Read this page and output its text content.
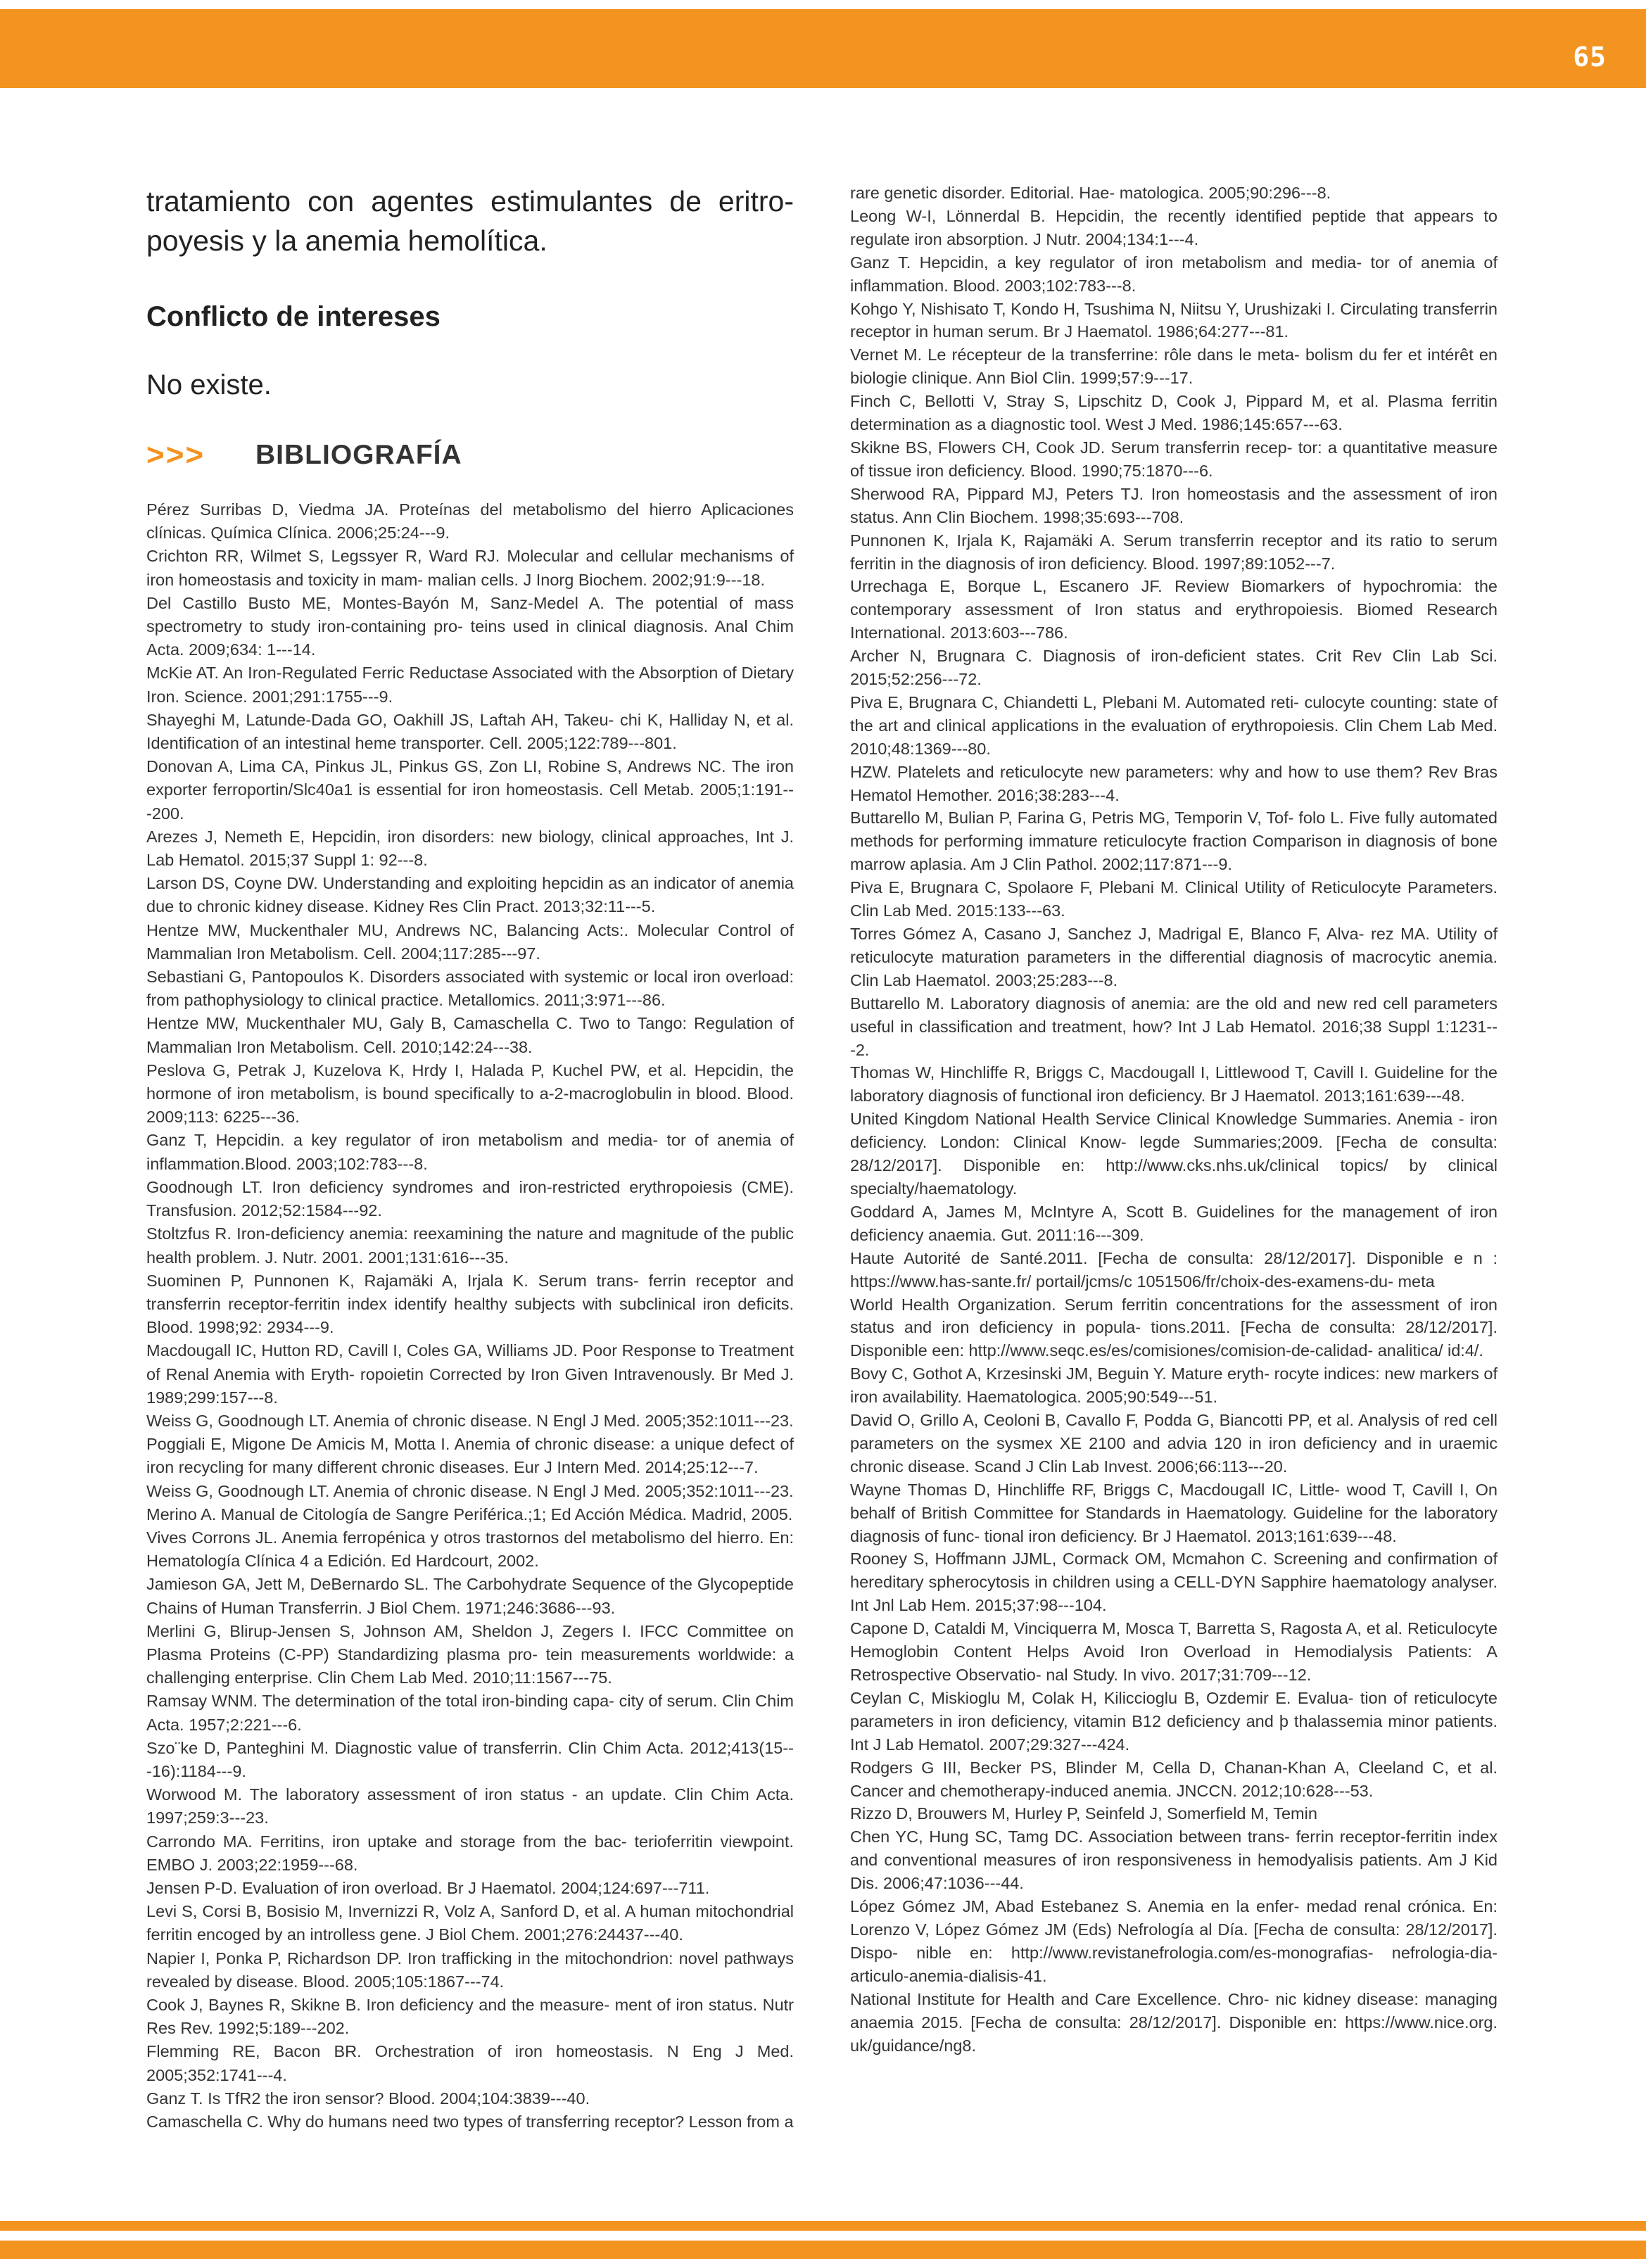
65

tratamiento con agentes estimulantes de eritro- poyesis y la anemia hemolítica.

Conflicto de intereses
No existe.
>>>	BIBLIOGRAFÍA
Pérez Surribas D, Viedma JA. Proteínas del metabolismo del hierro Aplicaciones clínicas. Química Clínica. 2006;25:24---9.
Crichton RR, Wilmet S, Legssyer R, Ward RJ. Molecular and cellular mechanisms of iron homeostasis and toxicity in mam- malian cells. J Inorg Biochem. 2002;91:9---18.
Del Castillo Busto ME, Montes-Bayón M, Sanz-Medel A. The potential of mass spectrometry to study iron-containing pro- teins used in clinical diagnosis. Anal Chim Acta. 2009;634: 1---14.
McKie AT. An Iron-Regulated Ferric Reductase Associated with the Absorption of Dietary Iron. Science. 2001;291:1755---9.
Shayeghi M, Latunde-Dada GO, Oakhill JS, Laftah AH, Takeu- chi K, Halliday N, et al. Identification of an intestinal heme transporter. Cell. 2005;122:789---801.
Donovan A, Lima CA, Pinkus JL, Pinkus GS, Zon LI, Robine S, Andrews NC. The iron exporter ferroportin/Slc40a1 is essential for iron homeostasis. Cell Metab. 2005;1:191---200.
Arezes J, Nemeth E, Hepcidin, iron disorders: new biology, clinical approaches, Int J. Lab Hematol. 2015;37 Suppl 1: 92---8.
Larson DS, Coyne DW. Understanding and exploiting hepcidin as an indicator of anemia due to chronic kidney disease. Kidney Res Clin Pract. 2013;32:11---5.
Hentze MW, Muckenthaler MU, Andrews NC, Balancing Acts:. Molecular Control of Mammalian Iron Metabolism. Cell. 2004;117:285---97.
Sebastiani G, Pantopoulos K. Disorders associated with systemic or local iron overload: from pathophysiology to clinical practice. Metallomics. 2011;3:971---86.
Hentze MW, Muckenthaler MU, Galy B, Camaschella C. Two to Tango: Regulation of Mammalian Iron Metabolism. Cell. 2010;142:24---38.
Peslova G, Petrak J, Kuzelova K, Hrdy I, Halada P, Kuchel PW, et al. Hepcidin, the hormone of iron metabolism, is bound specifically to a-2-macroglobulin in blood. Blood. 2009;113: 6225---36.
Ganz T, Hepcidin. a key regulator of iron metabolism and media- tor of anemia of inflammation.Blood. 2003;102:783---8.
Goodnough LT. Iron deficiency syndromes and iron-restricted erythropoiesis (CME). Transfusion. 2012;52:1584---92.
Stoltzfus R. Iron-deficiency anemia: reexamining the nature and magnitude of the public health problem. J. Nutr. 2001. 2001;131:616---35.
Suominen P, Punnonen K, Rajamäki A, Irjala K. Serum trans- ferrin receptor and transferrin receptor-ferritin index identify healthy subjects with subclinical iron deficits. Blood. 1998;92: 2934---9.
Macdougall IC, Hutton RD, Cavill I, Coles GA, Williams JD. Poor Response to Treatment of Renal Anemia with Eryth- ropoietin Corrected by Iron Given Intravenously. Br Med J. 1989;299:157---8.
Weiss G, Goodnough LT. Anemia of chronic disease. N Engl J Med. 2005;352:1011---23.
Poggiali E, Migone De Amicis M, Motta I. Anemia of chronic disease: a unique defect of iron recycling for many different chronic diseases. Eur J Intern Med. 2014;25:12---7.
Weiss G, Goodnough LT. Anemia of chronic disease. N Engl J Med. 2005;352:1011---23.
Merino A. Manual de Citología de Sangre Periférica.;1; Ed Acción Médica. Madrid, 2005.
Vives Corrons JL. Anemia ferropénica y otros trastornos del metabolismo del hierro. En: Hematología Clínica 4 a Edición. Ed Hardcourt, 2002.
Jamieson GA, Jett M, DeBernardo SL. The Carbohydrate Sequence of the Glycopeptide Chains of Human Transferrin. J Biol Chem. 1971;246:3686---93.
Merlini G, Blirup-Jensen S, Johnson AM, Sheldon J, Zegers I. IFCC Committee on Plasma Proteins (C-PP) Standardizing plasma pro- tein measurements worldwide: a challenging enterprise. Clin Chem Lab Med. 2010;11:1567---75.
Ramsay WNM. The determination of the total iron-binding capa- city of serum. Clin Chim Acta. 1957;2:221---6.
Szo¨ke D, Panteghini M. Diagnostic value of transferrin. Clin Chim Acta. 2012;413(15---16):1184---9.
Worwood M. The laboratory assessment of iron status - an update. Clin Chim Acta. 1997;259:3---23.
Carrondo MA. Ferritins, iron uptake and storage from the bac- terioferritin viewpoint. EMBO J. 2003;22:1959---68.
Jensen P-D. Evaluation of iron overload. Br J Haematol. 2004;124:697---711.
Levi S, Corsi B, Bosisio M, Invernizzi R, Volz A, Sanford D, et al. A human mitochondrial ferritin encoged by an introlless gene. J Biol Chem. 2001;276:24437---40.
Napier I, Ponka P, Richardson DP. Iron trafficking in the mitochondrion: novel pathways revealed by disease. Blood. 2005;105:1867---74.
Cook J, Baynes R, Skikne B. Iron deficiency and the measure- ment of iron status. Nutr Res Rev. 1992;5:189---202.
Flemming RE, Bacon BR. Orchestration of iron homeostasis. N Eng J Med. 2005;352:1741---4.
Ganz T. Is TfR2 the iron sensor? Blood. 2004;104:3839---40.
Camaschella C. Why do humans need two types of transferring receptor? Lesson from a
rare genetic disorder. Editorial. Hae- matologica. 2005;90:296---8.
Leong W-I, Lönnerdal B. Hepcidin, the recently identified peptide that appears to regulate iron absorption. J Nutr. 2004;134:1---4.
Ganz T. Hepcidin, a key regulator of iron metabolism and media- tor of anemia of inflammation. Blood. 2003;102:783---8.
Kohgo Y, Nishisato T, Kondo H, Tsushima N, Niitsu Y, Urushizaki I. Circulating transferrin receptor in human serum. Br J Haematol. 1986;64:277---81.
Vernet M. Le récepteur de la transferrine: rôle dans le meta- bolism du fer et intérêt en biologie clinique. Ann Biol Clin. 1999;57:9---17.
Finch C, Bellotti V, Stray S, Lipschitz D, Cook J, Pippard M, et al. Plasma ferritin determination as a diagnostic tool. West J Med. 1986;145:657---63.
Skikne BS, Flowers CH, Cook JD. Serum transferrin recep- tor: a quantitative measure of tissue iron deficiency. Blood. 1990;75:1870---6.
Sherwood RA, Pippard MJ, Peters TJ. Iron homeostasis and the assessment of iron status. Ann Clin Biochem. 1998;35:693---708.
Punnonen K, Irjala K, Rajamäki A. Serum transferrin receptor and its ratio to serum ferritin in the diagnosis of iron deficiency. Blood. 1997;89:1052---7.
Urrechaga E, Borque L, Escanero JF. Review Biomarkers of hypochromia: the contemporary assessment of Iron status and erythropoiesis. Biomed Research International. 2013:603---786.
Archer N, Brugnara C. Diagnosis of iron-deficient states. Crit Rev Clin Lab Sci. 2015;52:256---72.
Piva E, Brugnara C, Chiandetti L, Plebani M. Automated reti- culocyte counting: state of the art and clinical applications in the evaluation of erythropoiesis. Clin Chem Lab Med. 2010;48:1369---80.
HZW. Platelets and reticulocyte new parameters: why and how to use them? Rev Bras Hematol Hemother. 2016;38:283---4.
Buttarello M, Bulian P, Farina G, Petris MG, Temporin V, Tof- folo L. Five fully automated methods for performing immature reticulocyte fraction Comparison in diagnosis of bone marrow aplasia. Am J Clin Pathol. 2002;117:871---9.
Piva E, Brugnara C, Spolaore F, Plebani M. Clinical Utility of Reticulocyte Parameters. Clin Lab Med. 2015:133---63.
Torres Gómez A, Casano J, Sanchez J, Madrigal E, Blanco F, Alva- rez MA. Utility of reticulocyte maturation parameters in the differential diagnosis of macrocytic anemia. Clin Lab Haematol. 2003;25:283---8.
Buttarello M. Laboratory diagnosis of anemia: are the old and new red cell parameters useful in classification and treatment, how? Int J Lab Hematol. 2016;38 Suppl 1:1231---2.
Thomas W, Hinchliffe R, Briggs C, Macdougall I, Littlewood T, Cavill I. Guideline for the laboratory diagnosis of functional iron deficiency. Br J Haematol. 2013;161:639---48.
United Kingdom National Health Service Clinical Knowledge Summaries. Anemia - iron deficiency. London: Clinical Know- legde Summaries;2009. [Fecha de consulta: 28/12/2017]. Disponible en: http://www.cks.nhs.uk/clinical topics/ by clinical specialty/haematology.
Goddard A, James M, McIntyre A, Scott B. Guidelines for the management of iron deficiency anaemia. Gut. 2011:16---309.
Haute Autorité de Santé.2011. [Fecha de consulta: 28/12/2017]. Disponible e n : https://www.has-sante.fr/ portail/jcms/c 1051506/fr/choix-des-examens-du- meta
World Health Organization. Serum ferritin concentrations for the assessment of iron status and iron deficiency in popula- tions.2011. [Fecha de consulta: 28/12/2017]. Disponible een: http://www.seqc.es/es/comisiones/comision-de-calidad- analitica/ id:4/.
Bovy C, Gothot A, Krzesinski JM, Beguin Y. Mature eryth- rocyte indices: new markers of iron availability. Haematologica. 2005;90:549---51.
David O, Grillo A, Ceoloni B, Cavallo F, Podda G, Biancotti PP, et al. Analysis of red cell parameters on the sysmex XE 2100 and advia 120 in iron deficiency and in uraemic chronic disease. Scand J Clin Lab Invest. 2006;66:113---20.
Wayne Thomas D, Hinchliffe RF, Briggs C, Macdougall IC, Little- wood T, Cavill I, On behalf of British Committee for Standards in Haematology. Guideline for the laboratory diagnosis of func- tional iron deficiency. Br J Haematol. 2013;161:639---48.
Rooney S, Hoffmann JJML, Cormack OM, Mcmahon C. Screening and confirmation of hereditary spherocytosis in children using a CELL-DYN Sapphire haematology analyser. Int Jnl Lab Hem. 2015;37:98---104.
Capone D, Cataldi M, Vinciquerra M, Mosca T, Barretta S, Ragosta A, et al. Reticulocyte Hemoglobin Content Helps Avoid Iron Overload in Hemodialysis Patients: A Retrospective Observatio- nal Study. In vivo. 2017;31:709---12.
Ceylan C, Miskioglu M, Colak H, Kiliccioglu B, Ozdemir E. Evalua- tion of reticulocyte parameters in iron deficiency, vitamin B12 deficiency and þ thalassemia minor patients. Int J Lab Hematol. 2007;29:327---424.
Rodgers G III, Becker PS, Blinder M, Cella D, Chanan-Khan A, Cleeland C, et al. Cancer and chemotherapy-induced anemia. JNCCN. 2012;10:628---53.
Rizzo D, Brouwers M, Hurley P, Seinfeld J, Somerfield M, Temin
Chen YC, Hung SC, Tamg DC. Association between trans- ferrin receptor-ferritin index and conventional measures of iron responsiveness in hemodyalisis patients. Am J Kid Dis. 2006;47:1036---44.
López Gómez JM, Abad Estebanez S. Anemia en la enfer- medad renal crónica. En: Lorenzo V, López Gómez JM (Eds) Nefrología al Día. [Fecha de consulta: 28/12/2017]. Dispo- nible en: http://www.revistanefrologia.com/es-monografias- nefrologia-dia-articulo-anemia-dialisis-41.
National Institute for Health and Care Excellence. Chro- nic kidney disease: managing anaemia 2015. [Fecha de consulta: 28/12/2017]. Disponible en: https://www.nice.org. uk/guidance/ng8.
